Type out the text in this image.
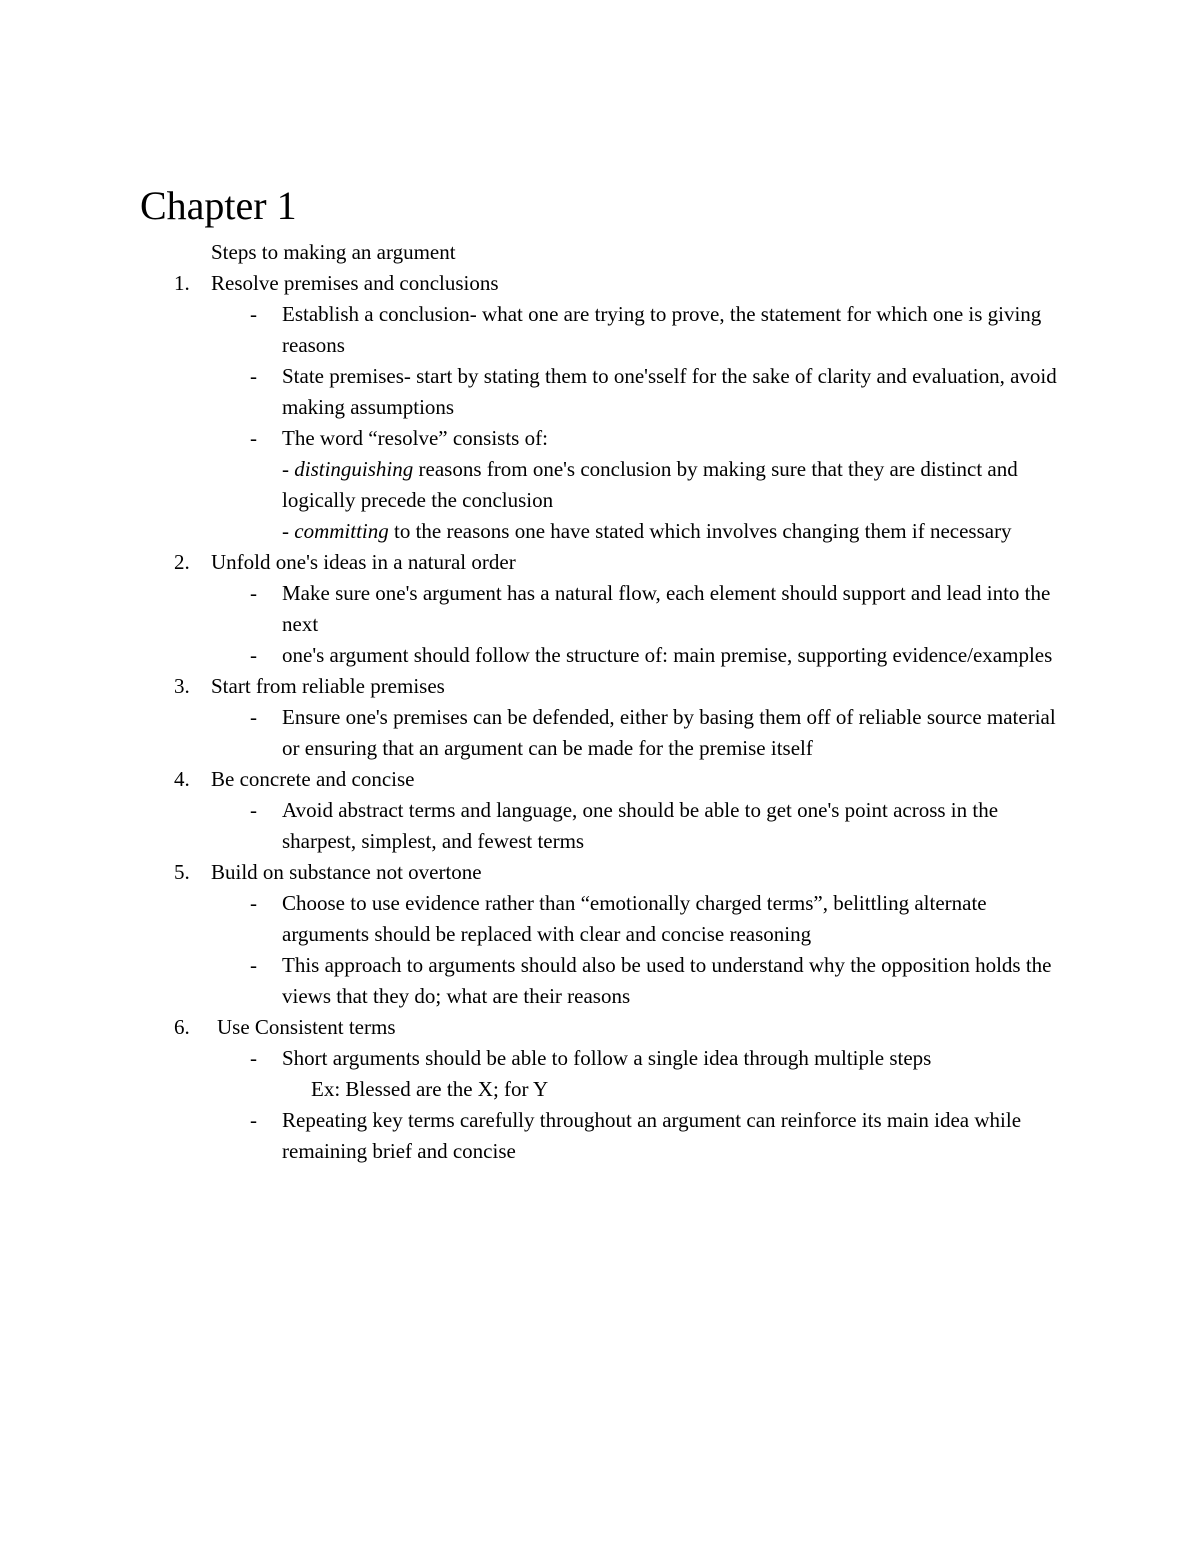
Chapter 1
Steps to making an argument
1. Resolve premises and conclusions
- Establish a conclusion- what one are trying to prove, the statement for which one is giving reasons
- State premises- start by stating them to one'sself for the sake of clarity and evaluation, avoid making assumptions
- The word “resolve” consists of:
- distinguishing reasons from one's conclusion by making sure that they are distinct and logically precede the conclusion
- committing to the reasons one have stated which involves changing them if necessary
2. Unfold one's ideas in a natural order
- Make sure one's argument has a natural flow, each element should support and lead into the next
- one's argument should follow the structure of: main premise, supporting evidence/examples
3. Start from reliable premises
- Ensure one's premises can be defended, either by basing them off of reliable source material or ensuring that an argument can be made for the premise itself
4. Be concrete and concise
- Avoid abstract terms and language, one should be able to get one's point across in the sharpest, simplest, and fewest terms
5. Build on substance not overtone
- Choose to use evidence rather than “emotionally charged terms”, belittling alternate arguments should be replaced with clear and concise reasoning
- This approach to arguments should also be used to understand why the opposition holds the views that they do; what are their reasons
6. Use Consistent terms
- Short arguments should be able to follow a single idea through multiple steps
Ex: Blessed are the X; for Y
- Repeating key terms carefully throughout an argument can reinforce its main idea while remaining brief and concise
